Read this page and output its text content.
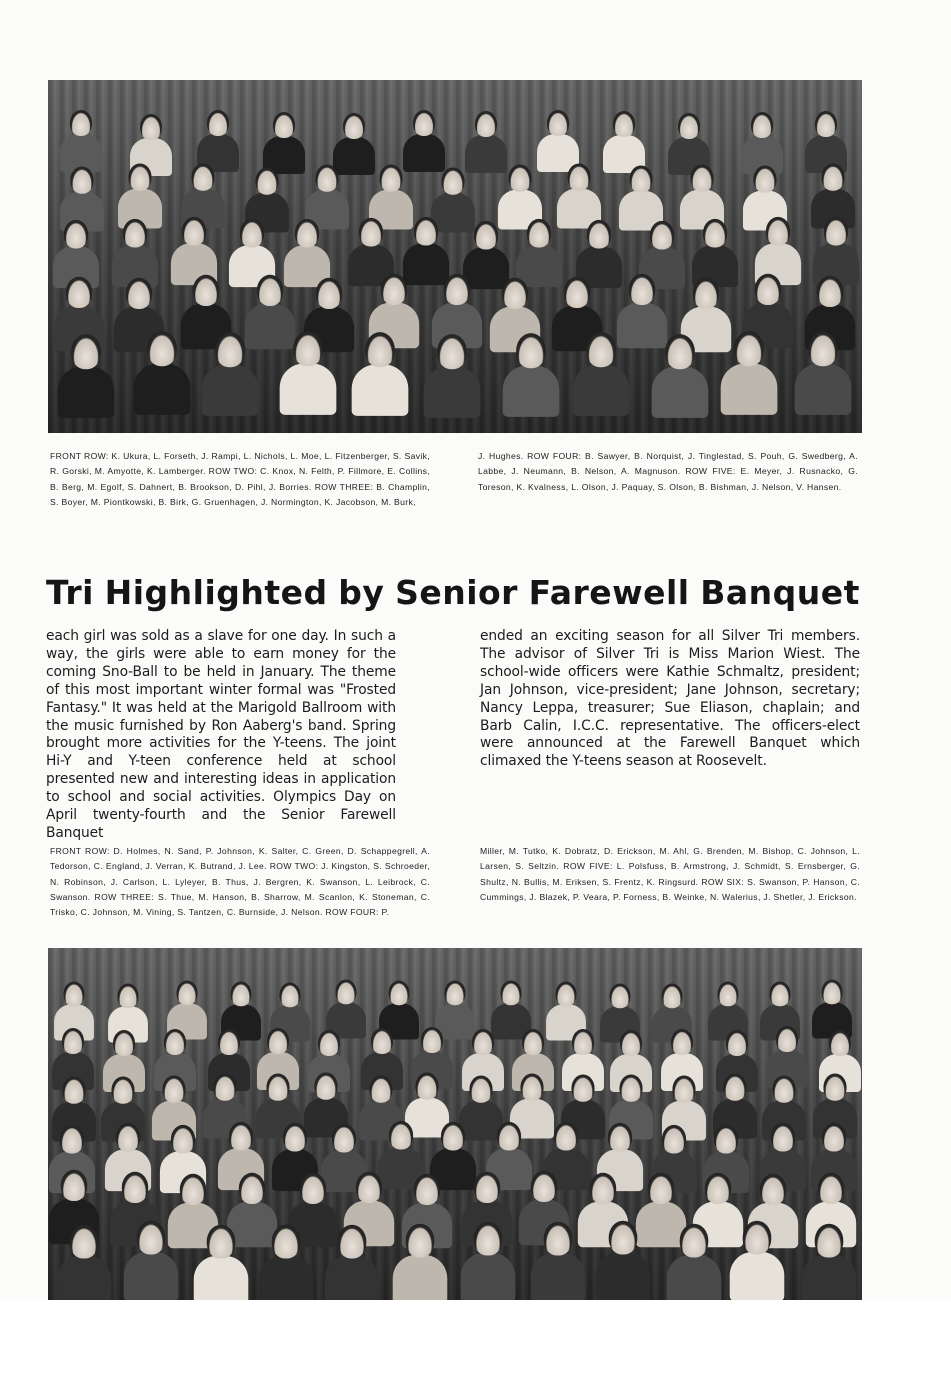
FRONT ROW: K. Ukura, L. Forseth, J. Rampi, L. Nichols, L. Moe, L. Fitzenberger, S. Savik, R. Gorski, M. Amyotte, K. Lamberger. ROW TWO: C. Knox, N. Felth, P. Fillmore, E. Collins, B. Berg, M. Egolf, S. Dahnert, B. Brookson, D. Pihl, J. Borries. ROW THREE: B. Champlin, S. Boyer, M. Piontkowski, B. Birk, G. Gruenhagen, J. Normington, K. Jacobson, M. Burk,

J. Hughes. ROW FOUR: B. Sawyer, B. Norquist, J. Tinglestad, S. Pouh, G. Swedberg, A. Labbe, J. Neumann, B. Nelson, A. Magnuson. ROW FIVE: E. Meyer, J. Rusnacko, G. Toreson, K. Kvalness, L. Olson, J. Paquay, S. Olson, B. Bishman, J. Nelson, V. Hansen.

Tri Highlighted by Senior Farewell Banquet

each girl was sold as a slave for one day. In such a way, the girls were able to earn money for the coming Sno-Ball to be held in January. The theme of this most important winter formal was "Frosted Fantasy." It was held at the Marigold Ballroom with the music furnished by Ron Aaberg's band. Spring brought more activities for the Y-teens. The joint Hi-Y and Y-teen conference held at school presented new and interesting ideas in application to school and social activities. Olympics Day on April twenty-fourth and the Senior Farewell Banquet

ended an exciting season for all Silver Tri members. The advisor of Silver Tri is Miss Marion Wiest. The school-wide officers were Kathie Schmaltz, president; Jan Johnson, vice-president; Jane Johnson, secretary; Nancy Leppa, treasurer; Sue Eliason, chaplain; and Barb Calin, I.C.C. representative. The officers-elect were announced at the Farewell Banquet which climaxed the Y-teens season at Roosevelt.

FRONT ROW: D. Holmes, N. Sand, P. Johnson, K. Salter, C. Green, D. Schappegrell, A. Tedorson, C. England, J. Verran, K. Butrand, J. Lee. ROW TWO: J. Kingston, S. Schroeder, N. Robinson, J. Carlson, L. Lyleyer, B. Thus, J. Bergren, K. Swanson, L. Leibrock, C. Swanson. ROW THREE: S. Thue, M. Hanson, B. Sharrow, M. Scanlon, K. Stoneman, C. Trisko, C. Johnson, M. Vining, S. Tantzen, C. Burnside, J. Nelson. ROW FOUR: P.

Miller, M. Tutko, K. Dobratz, D. Erickson, M. Ahl, G. Brenden, M. Bishop, C. Johnson, L. Larsen, S. Seltzin. ROW FIVE: L. Polsfuss, B. Armstrong, J. Schmidt, S. Ernsberger, G. Shultz, N. Bullis, M. Eriksen, S. Frentz, K. Ringsurd. ROW SIX: S. Swanson, P. Hanson, C. Cummings, J. Blazek, P. Veara, P. Forness, B. Weinke, N. Walerius, J. Shetler, J. Erickson.
